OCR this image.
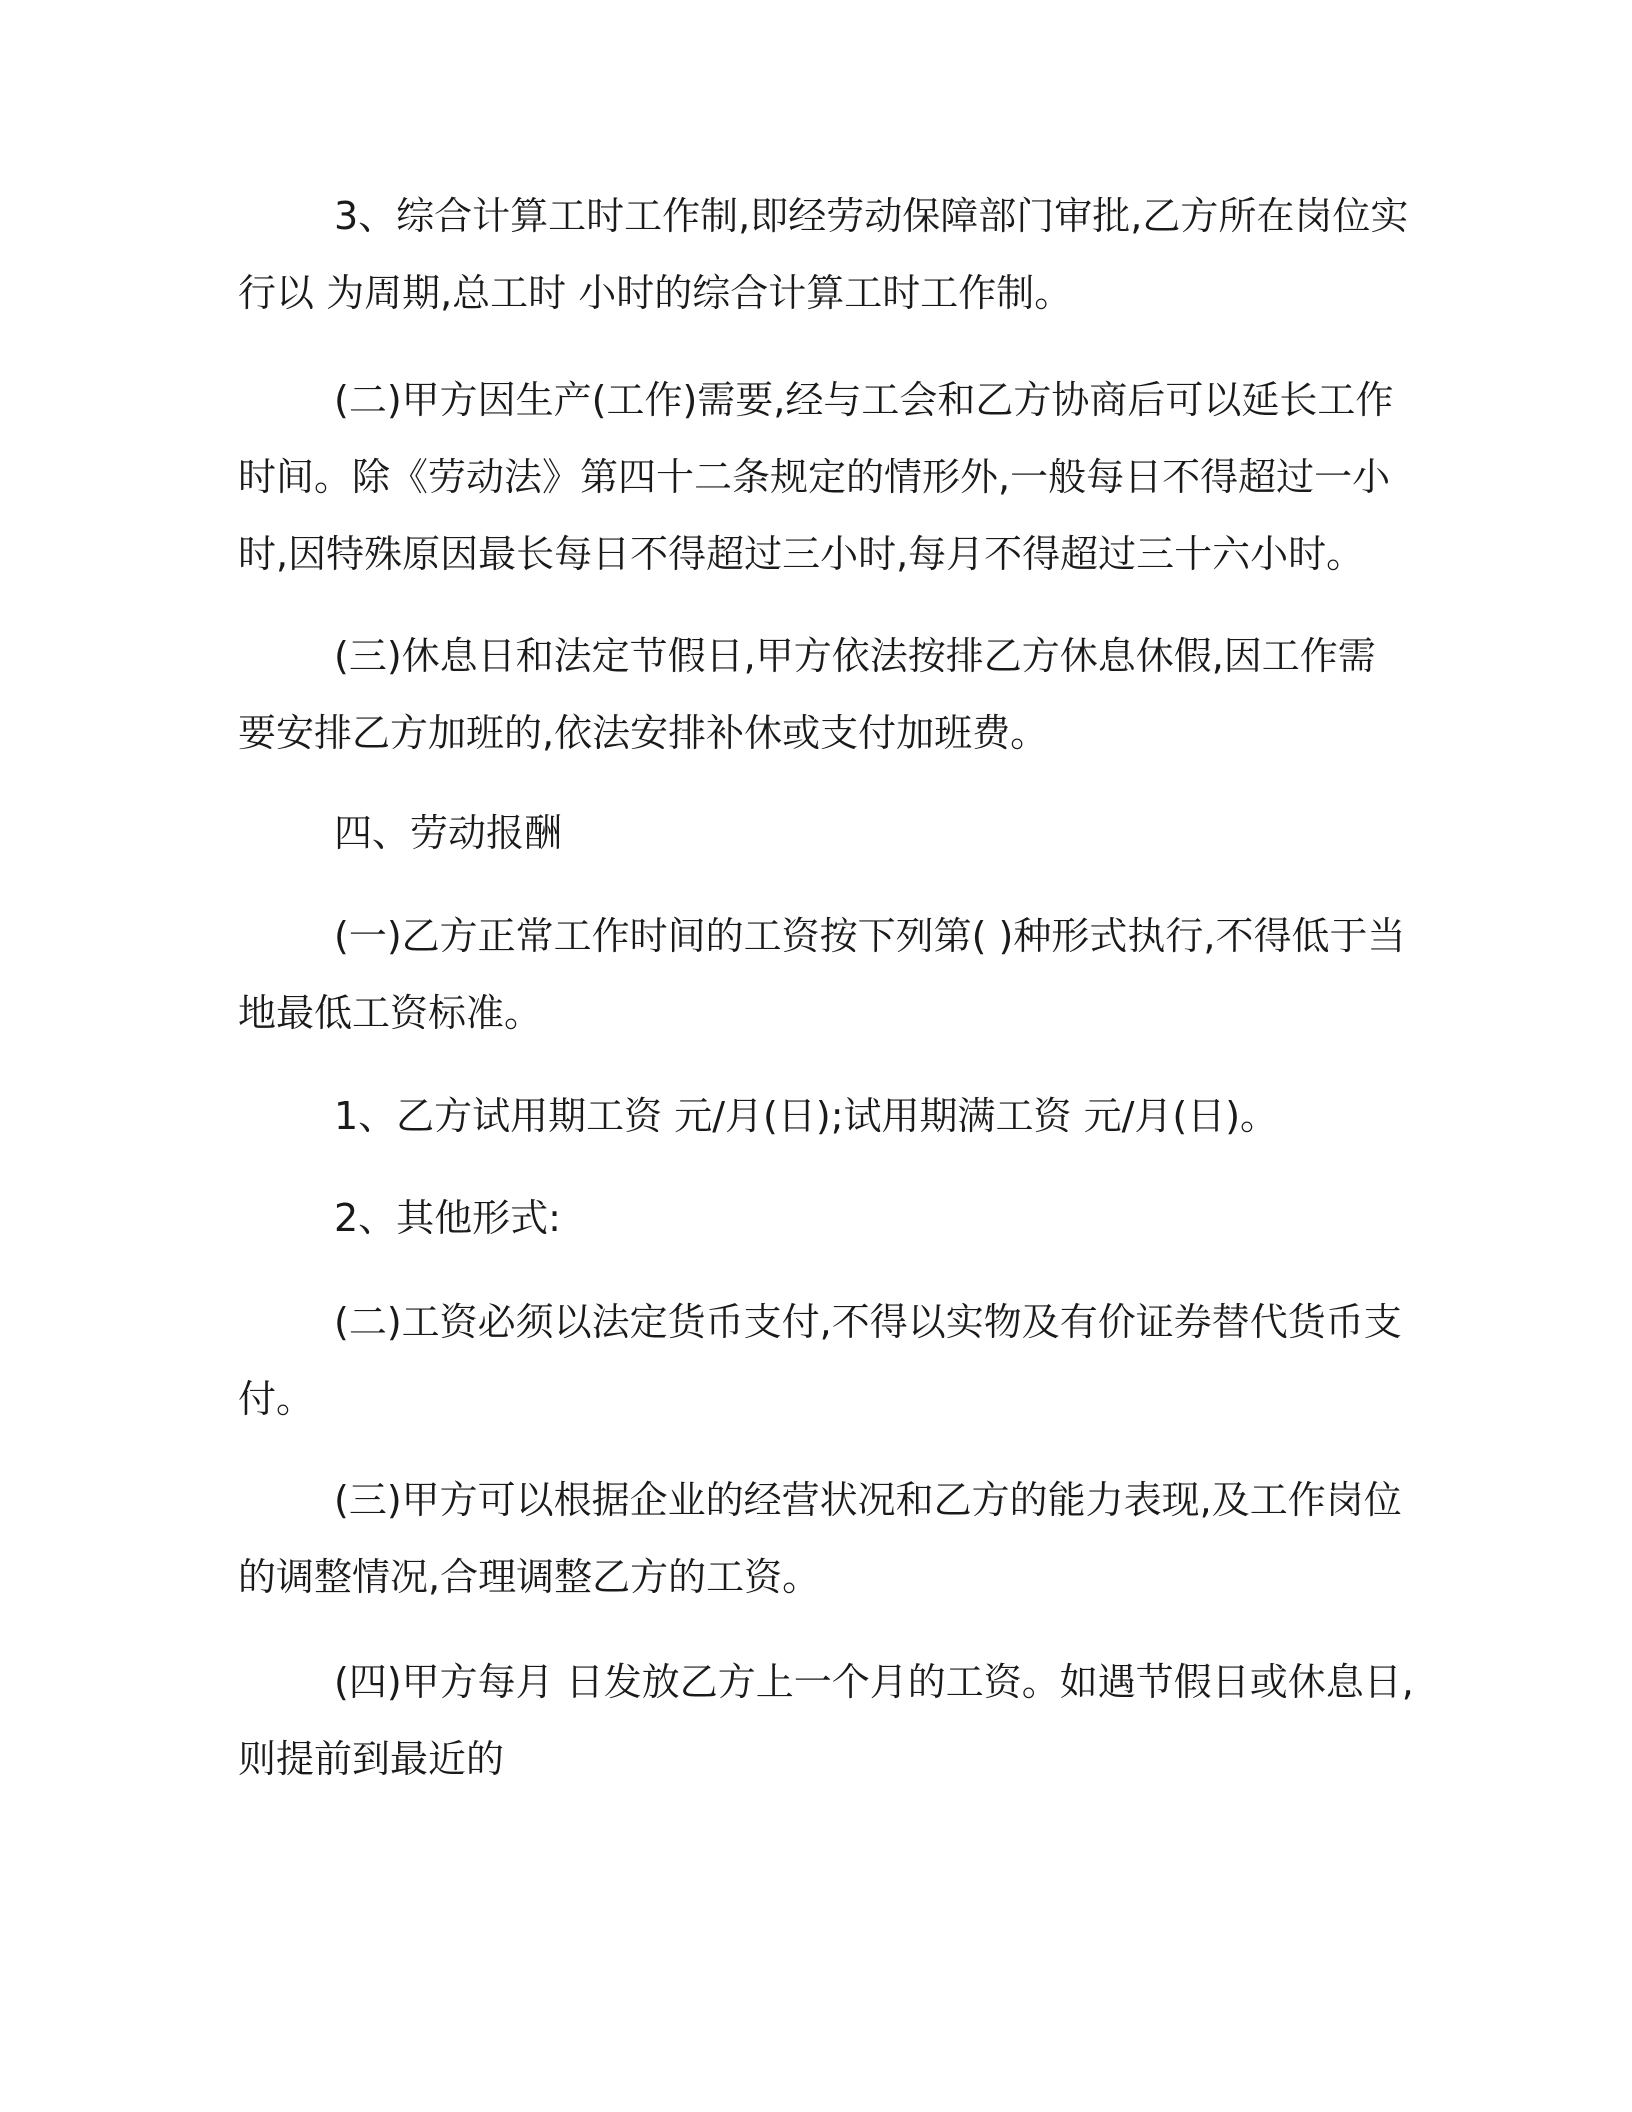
3、综合计算工时工作制,即经劳动保障部门审批,乙方所在岗位实
行以 为周期,总工时 小时的综合计算工时工作制。

(二)甲方因生产(工作)需要,经与工会和乙方协商后可以延长工作
时间。除《劳动法》第四十二条规定的情形外,一般每日不得超过一小
时,因特殊原因最长每日不得超过三小时,每月不得超过三十六小时。

(三)休息日和法定节假日,甲方依法按排乙方休息休假,因工作需
要安排乙方加班的,依法安排补休或支付加班费。

四、劳动报酬

(一)乙方正常工作时间的工资按下列第( )种形式执行,不得低于当
地最低工资标准。

1、乙方试用期工资 元/月(日);试用期满工资 元/月(日)。

2、其他形式:

(二)工资必须以法定货币支付,不得以实物及有价证券替代货币支
付。

(三)甲方可以根据企业的经营状况和乙方的能力表现,及工作岗位
的调整情况,合理调整乙方的工资。

(四)甲方每月 日发放乙方上一个月的工资。如遇节假日或休息日,
则提前到最近的
